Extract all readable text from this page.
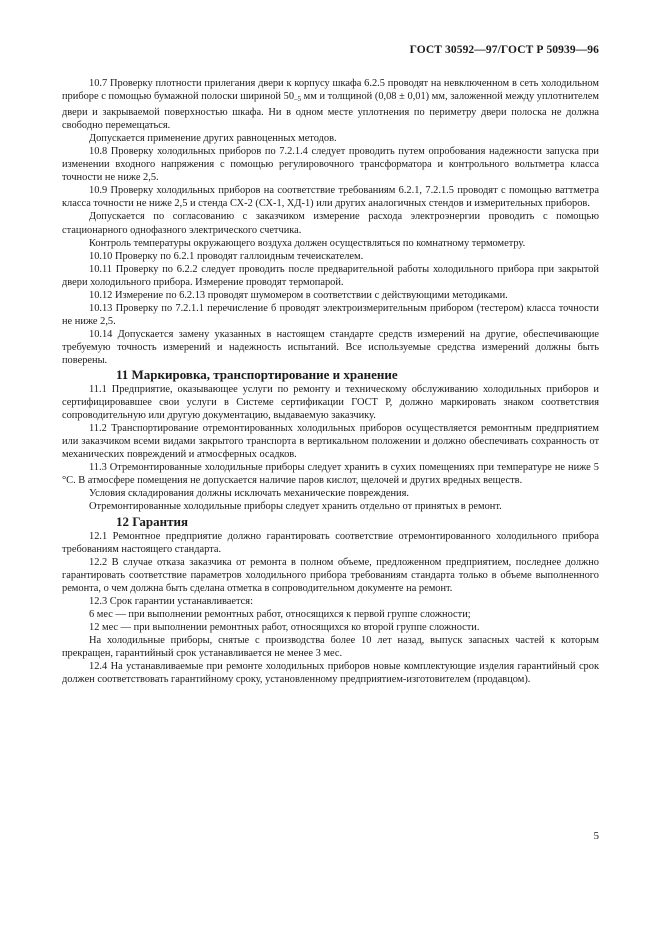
ГОСТ 30592—97/ГОСТ Р 50939—96

10.7 Проверку плотности прилегания двери к корпусу шкафа 6.2.5 проводят на невключенном в сеть холодильном приборе с помощью бумажной полоски шириной $50_{-5}$ мм и толщиной (0,08 ± 0,01) мм, заложенной между уплотнителем двери и закрываемой поверхностью шкафа. Ни в одном месте уплотнения по периметру двери полоска не должна свободно перемещаться.

Допускается применение других равноценных методов.

10.8 Проверку холодильных приборов по 7.2.1.4 следует проводить путем опробования надежности запуска при изменении входного напряжения с помощью регулировочного трансформатора и контрольного вольтметра класса точности не ниже 2,5.

10.9 Проверку холодильных приборов на соответствие требованиям 6.2.1, 7.2.1.5 проводят с помощью ваттметра класса точности не ниже 2,5 и стенда СХ-2 (СХ-1, ХД-1) или других аналогичных стендов и измерительных приборов.

Допускается по согласованию с заказчиком измерение расхода электроэнергии проводить с помощью стационарного однофазного электрического счетчика.

Контроль температуры окружающего воздуха должен осуществляться по комнатному термометру.

10.10 Проверку по 6.2.1 проводят галлоидным течеискателем.

10.11 Проверку по 6.2.2 следует проводить после предварительной работы холодильного прибора при закрытой двери холодильного прибора. Измерение проводят термопарой.

10.12 Измерение по 6.2.13 проводят шумомером в соответствии с действующими методиками.

10.13 Проверку по 7.2.1.1 перечисление б проводят электроизмерительным прибором (тестером) класса точности не ниже 2,5.

10.14 Допускается замену указанных в настоящем стандарте средств измерений на другие, обеспечивающие требуемую точность измерений и надежность испытаний. Все используемые средства измерений должны быть поверены.

11 Маркировка, транспортирование и хранение

11.1 Предприятие, оказывающее услуги по ремонту и техническому обслуживанию холодильных приборов и сертифицировавшее свои услуги в Системе сертификации ГОСТ Р, должно маркировать знаком соответствия сопроводительную или другую документацию, выдаваемую заказчику.

11.2 Транспортирование отремонтированных холодильных приборов осуществляется ремонтным предприятием или заказчиком всеми видами закрытого транспорта в вертикальном положении и должно обеспечивать сохранность от механических повреждений и атмосферных осадков.

11.3 Отремонтированные холодильные приборы следует хранить в сухих помещениях при температуре не ниже 5 °С. В атмосфере помещения не допускается наличие паров кислот, щелочей и других вредных веществ.

Условия складирования должны исключать механические повреждения.

Отремонтированные холодильные приборы следует хранить отдельно от принятых в ремонт.

12 Гарантия

12.1 Ремонтное предприятие должно гарантировать соответствие отремонтированного холодильного прибора требованиям настоящего стандарта.

12.2 В случае отказа заказчика от ремонта в полном объеме, предложенном предприятием, последнее должно гарантировать соответствие параметров холодильного прибора требованиям стандарта только в объеме выполненного ремонта, о чем должна быть сделана отметка в сопроводительном документе на ремонт.

12.3 Срок гарантии устанавливается:

6 мес — при выполнении ремонтных работ, относящихся к первой группе сложности;

12 мес — при выполнении ремонтных работ, относящихся ко второй группе сложности.

На холодильные приборы, снятые с производства более 10 лет назад, выпуск запасных частей к которым прекращен, гарантийный срок устанавливается не менее 3 мес.

12.4 На устанавливаемые при ремонте холодильных приборов новые комплектующие изделия гарантийный срок должен соответствовать гарантийному сроку, установленному предприятием-изготовителем (продавцом).

5
